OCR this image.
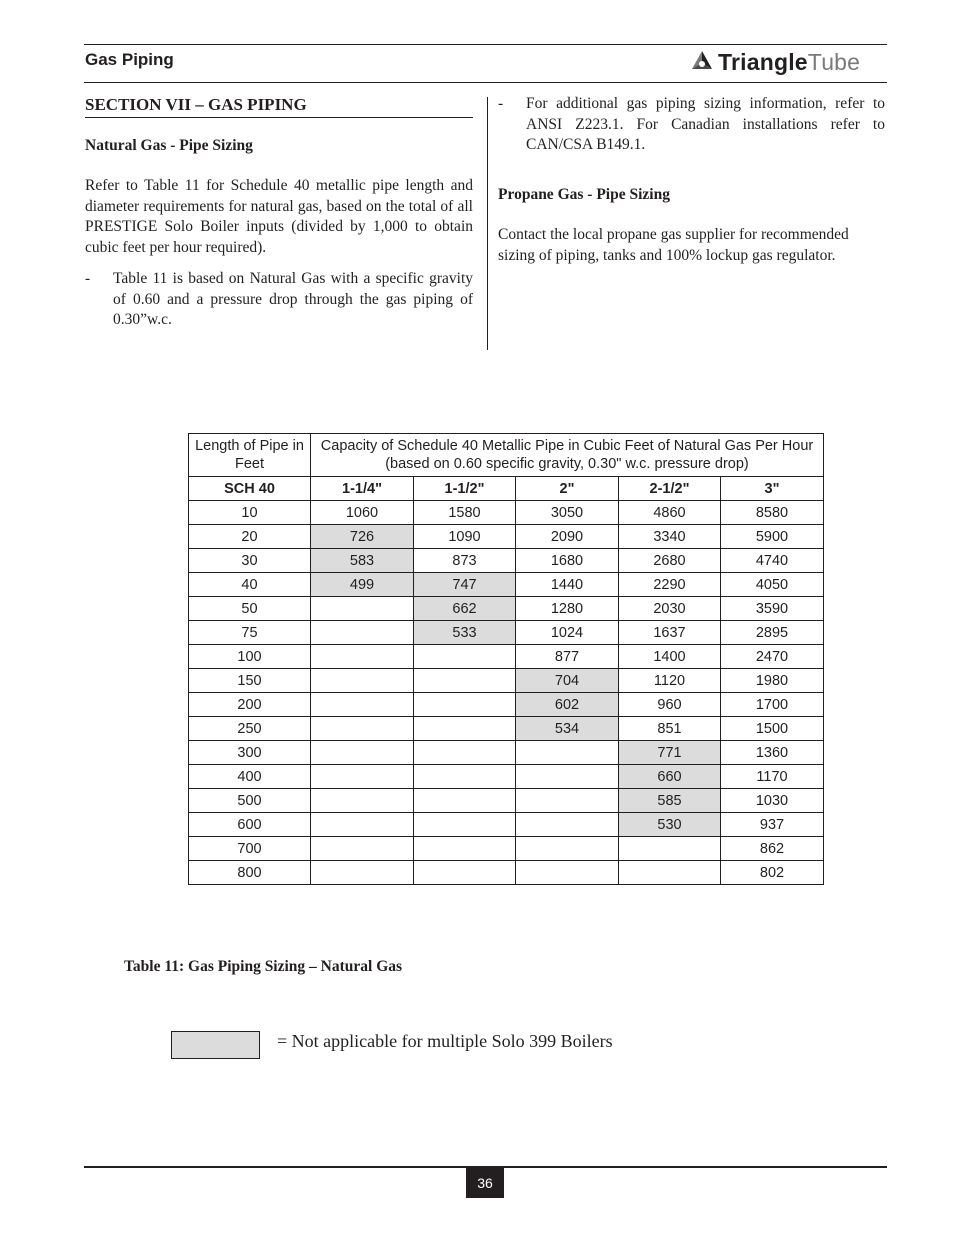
Gas Piping	TriangleTube
SECTION VII – GAS PIPING
Natural Gas - Pipe Sizing
Refer to Table 11 for Schedule 40 metallic pipe length and diameter requirements for natural gas, based on the total of all PRESTIGE Solo Boiler inputs (divided by 1,000 to obtain cubic feet per hour required).
-	Table 11 is based on Natural Gas with a specific gravity of 0.60 and a pressure drop through the gas piping of 0.30”w.c.
-	For additional gas piping sizing information, refer to ANSI Z223.1. For Canadian installations refer to CAN/CSA B149.1.
Propane Gas - Pipe Sizing
Contact the local propane gas supplier for recommended sizing of piping, tanks and 100% lockup gas regulator.
Length of Pipe in Feet	Capacity of Schedule 40 Metallic Pipe in Cubic Feet of Natural Gas Per Hour (based on 0.60 specific gravity, 0.30" w.c. pressure drop)				
SCH 40	1-1/4"	1-1/2"	2"	2-1/2"	3"
10	1060	1580	3050	4860	8580
20	726	1090	2090	3340	5900
30	583	873	1680	2680	4740
40	499	747	1440	2290	4050
50		662	1280	2030	3590
75		533	1024	1637	2895
100			877	1400	2470
150			704	1120	1980
200			602	960	1700
250			534	851	1500
300				771	1360
400				660	1170
500				585	1030
600				530	937
700					862
800					802
Table 11: Gas Piping Sizing – Natural Gas
= Not applicable for multiple Solo 399 Boilers
36
